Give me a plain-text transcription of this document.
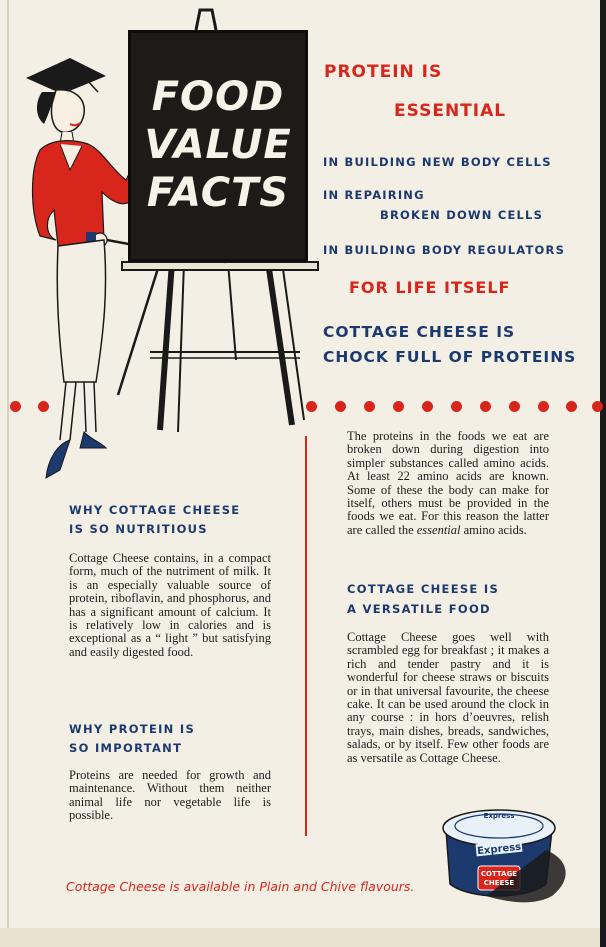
FOOD
VALUE
FACTS
PROTEIN IS
ESSENTIAL
IN BUILDING NEW BODY CELLS
IN REPAIRING
BROKEN DOWN CELLS
IN BUILDING BODY REGULATORS
FOR LIFE ITSELF
COTTAGE CHEESE IS
CHOCK FULL OF PROTEINS
WHY COTTAGE CHEESE
IS SO NUTRITIOUS
Cottage Cheese contains, in a compact form, much of the nutriment of milk. It is an especially valuable source of protein, riboflavin, and phosphorus, and has a significant amount of calcium. It is relatively low in calories and is exceptional as a “ light ” but satisfying and easily digested food.
WHY PROTEIN IS
SO IMPORTANT
Proteins are needed for growth and maintenance. Without them neither animal life nor vegetable life is possible.
The proteins in the foods we eat are broken down during digestion into simpler substances called amino acids. At least 22 amino acids are known. Some of these the body can make for itself, others must be provided in the foods we eat. For this reason the latter are called the essential amino acids.
COTTAGE CHEESE IS
A VERSATILE FOOD
Cottage Cheese goes well with scrambled egg for breakfast ; it makes a rich and tender pastry and it is wonderful for cheese straws or biscuits or in that universal favourite, the cheese cake. It can be used around the clock in any course : in hors d’oeuvres, relish trays, main dishes, breads, sandwiches, salads, or by itself. Few other foods are as versatile as Cottage Cheese.
Express
Express
COTTAGE
CHEESE
Cottage Cheese is available in Plain and Chive flavours.
